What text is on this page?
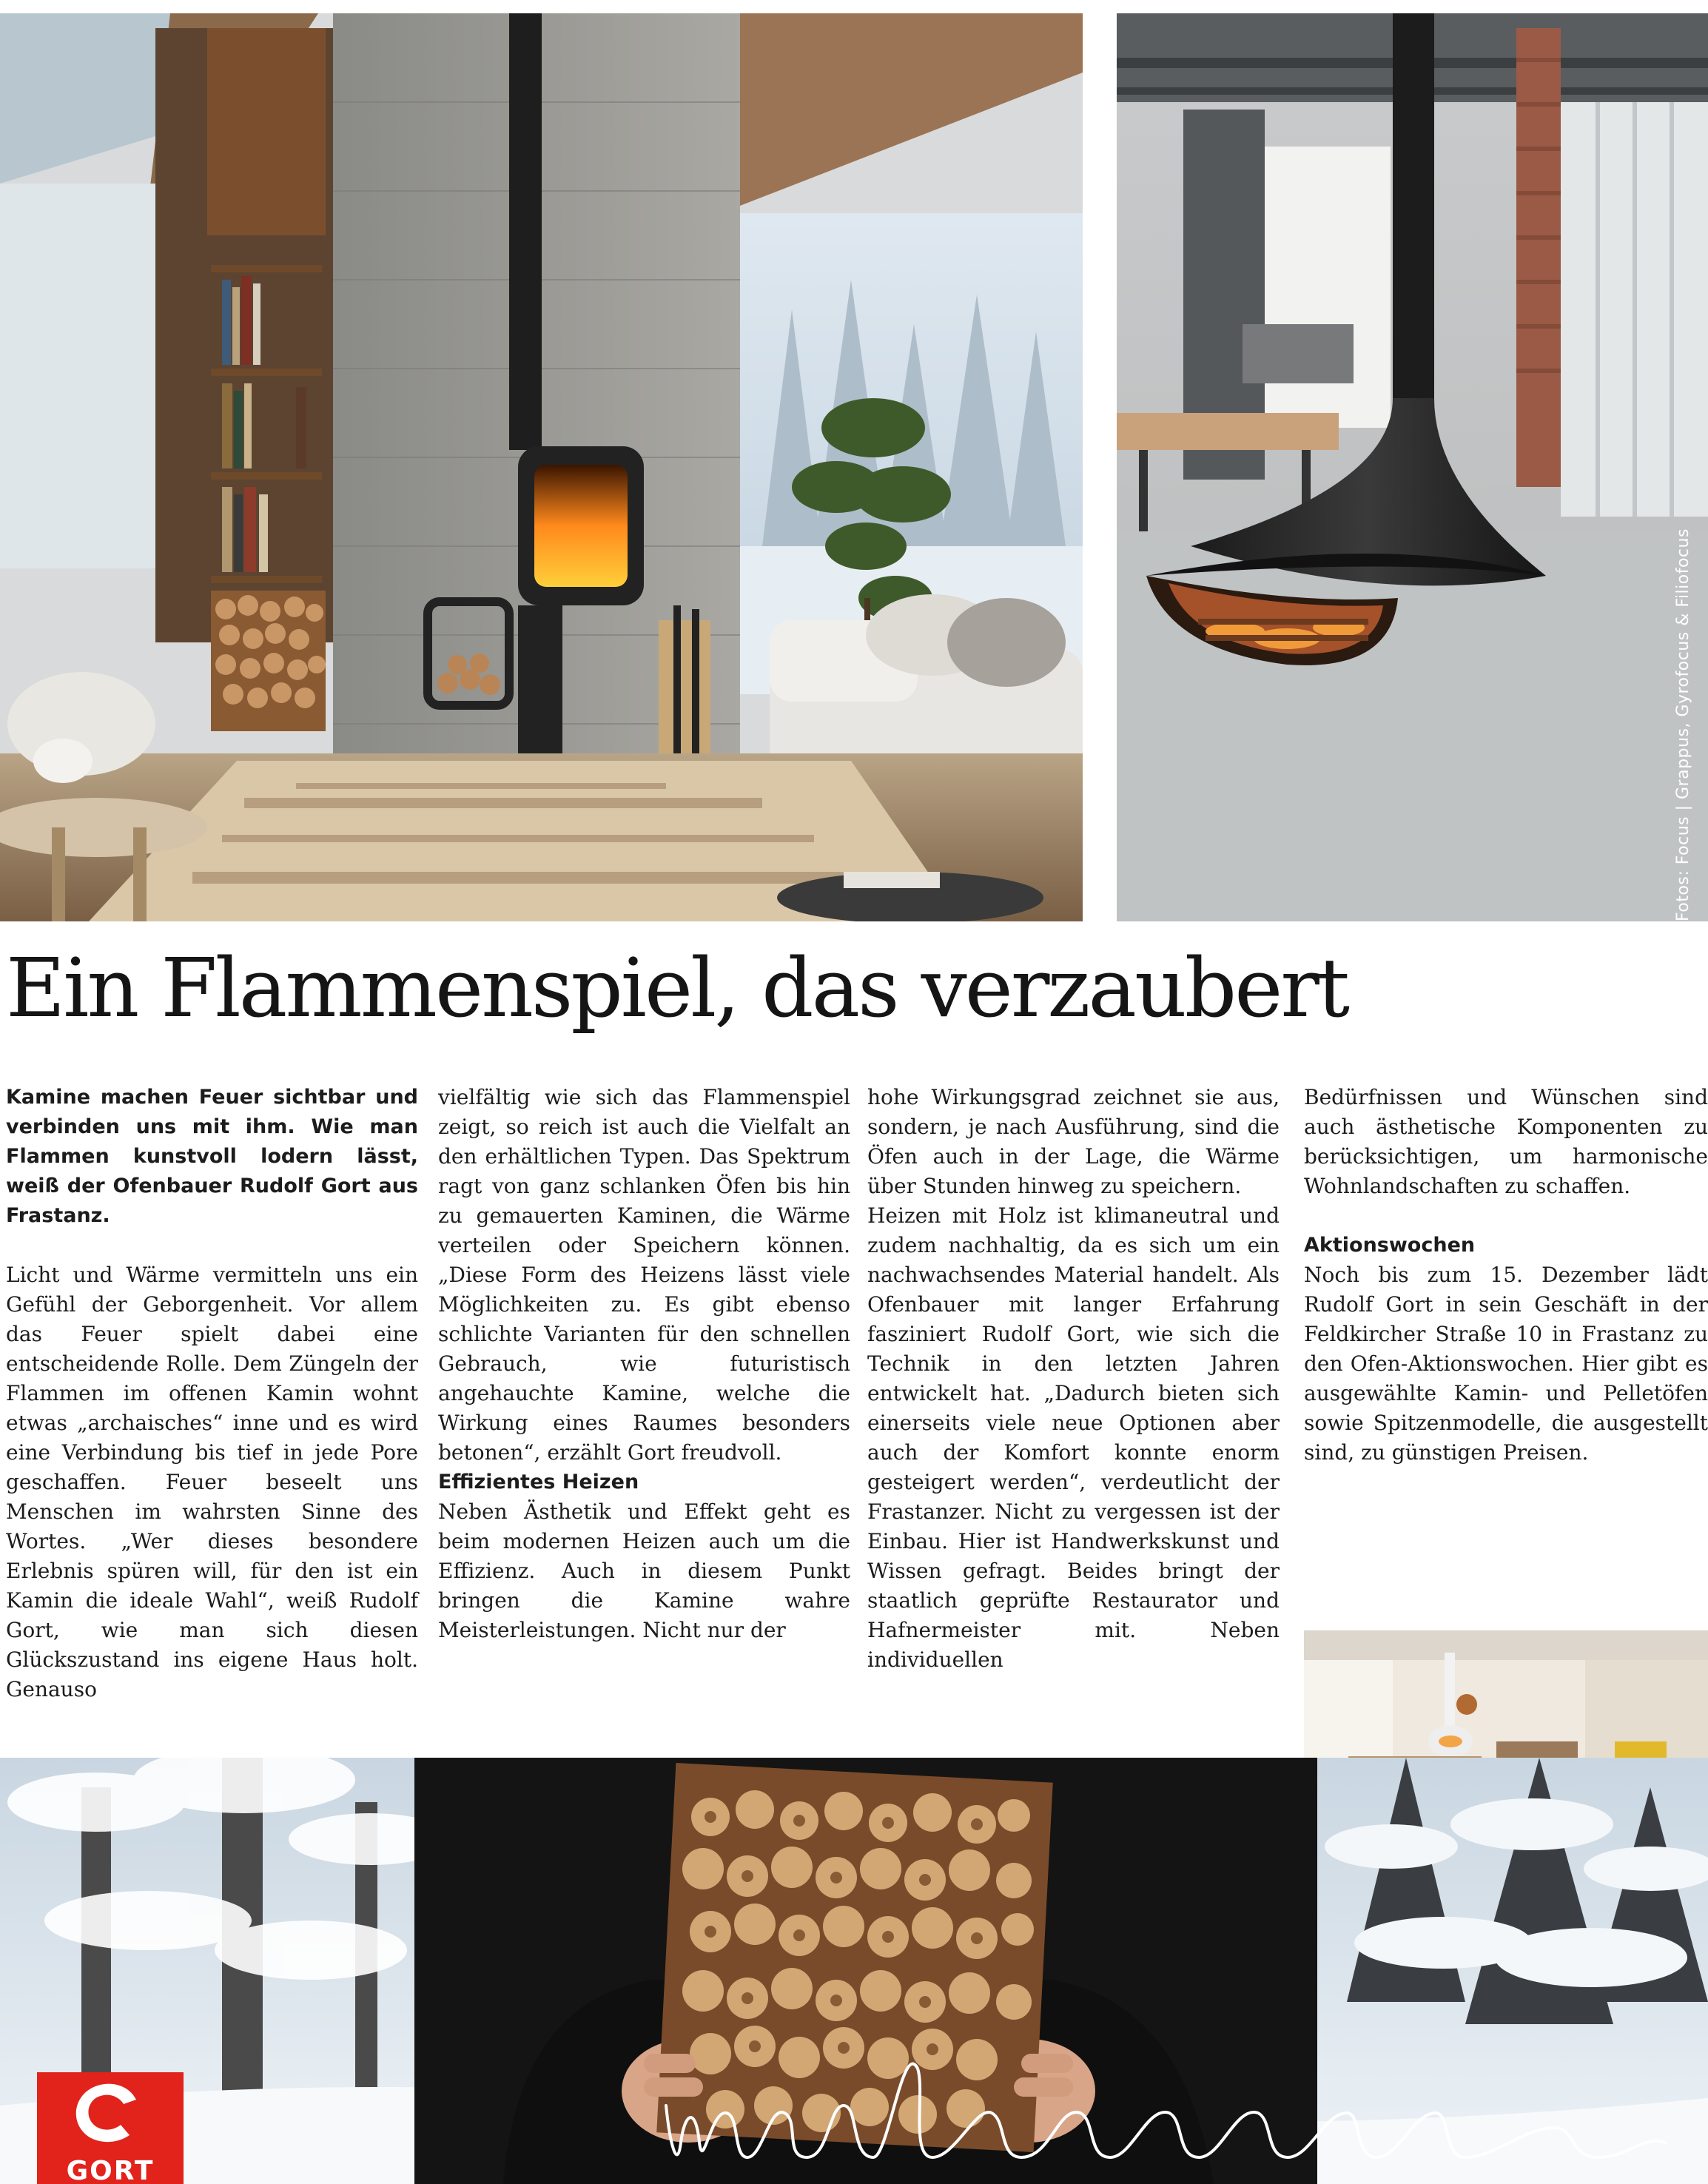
Fotos: Focus | Grappus, Gyrofocus & Filiofocus
Ein Flammenspiel, das verzaubert

Kamine machen Feuer sichtbar und verbinden uns mit ihm. Wie man Flammen kunstvoll lodern lässt, weiß der Ofenbauer Rudolf Gort aus Frastanz.

Licht und Wärme vermitteln uns ein Gefühl der Geborgenheit. Vor allem das Feuer spielt dabei eine entscheidende Rolle. Dem Züngeln der Flammen im offenen Kamin wohnt etwas „archaisches“ inne und es wird eine Verbindung bis tief in jede Pore geschaffen. Feuer beseelt uns Menschen im wahrsten Sinne des Wortes. „Wer dieses besondere Erlebnis spüren will, für den ist ein Kamin die ideale Wahl“, weiß Rudolf Gort, wie man sich diesen Glückszustand ins eigene Haus holt. Genauso

vielfältig wie sich das Flammenspiel zeigt, so reich ist auch die Vielfalt an den erhältlichen Typen. Das Spektrum ragt von ganz schlanken Öfen bis hin zu gemauerten Kaminen, die Wärme verteilen oder Speichern können. „Diese Form des Heizens lässt viele Möglichkeiten zu. Es gibt ebenso schlichte Varianten für den schnellen Gebrauch, wie futuristisch angehauchte Kamine, welche die Wirkung eines Raumes besonders betonen“, erzählt Gort freudvoll.

Effizientes Heizen

Neben Ästhetik und Effekt geht es beim modernen Heizen auch um die Effizienz. Auch in diesem Punkt bringen die Kamine wahre Meisterleistungen. Nicht nur der

hohe Wirkungsgrad zeichnet sie aus, sondern, je nach Ausführung, sind die Öfen auch in der Lage, die Wärme über Stunden hinweg zu speichern.

Heizen mit Holz ist klimaneutral und zudem nachhaltig, da es sich um ein nachwachsendes Material handelt. Als Ofenbauer mit langer Erfahrung fasziniert Rudolf Gort, wie sich die Technik in den letzten Jahren entwickelt hat. „Dadurch bieten sich einerseits viele neue Optionen aber auch der Komfort konnte enorm gesteigert werden“, verdeutlicht der Frastanzer. Nicht zu vergessen ist der Einbau. Hier ist Handwerkskunst und Wissen gefragt. Beides bringt der staatlich geprüfte Restaurator und Hafnermeister mit. Neben individuellen

Bedürfnissen und Wünschen sind auch ästhetische Komponenten zu berücksichtigen, um harmonische Wohnlandschaften zu schaffen.

Aktionswochen

Noch bis zum 15. Dezember lädt Rudolf Gort in sein Geschäft in der Feldkircher Straße 10 in Frastanz zu den Ofen-Aktionswochen. Hier gibt es ausgewählte Kamin- und Pelletöfen sowie Spitzenmodelle, die ausgestellt sind, zu günstigen Preisen.

GORT
